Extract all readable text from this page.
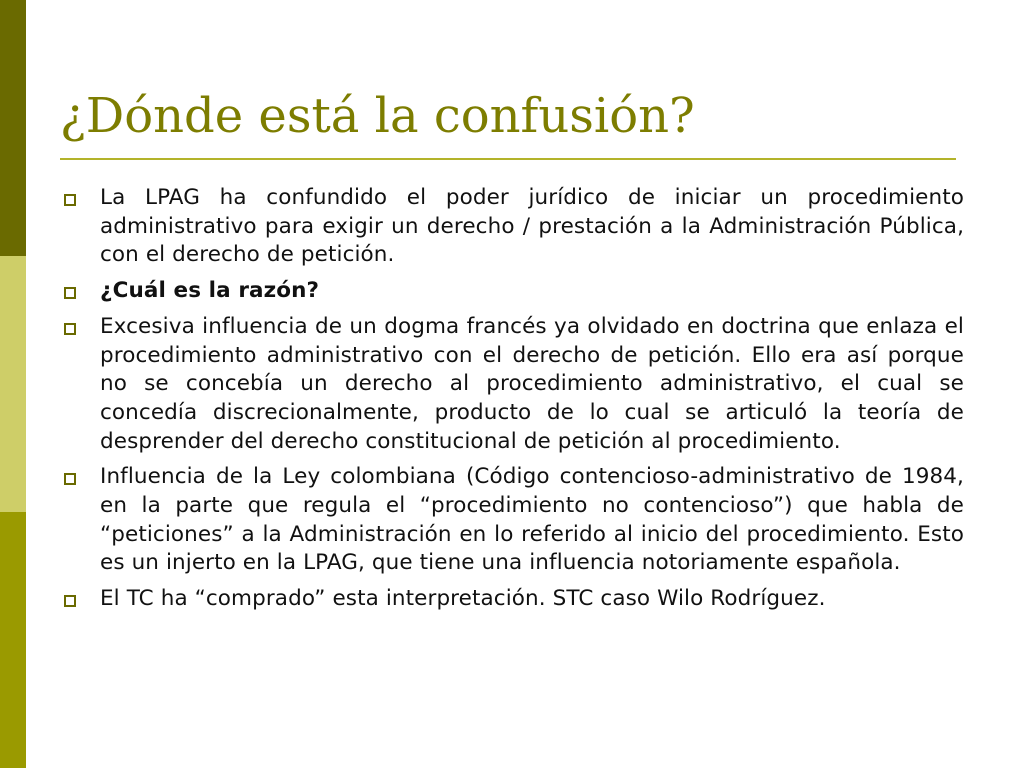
¿Dónde está la confusión?
La LPAG ha confundido el poder jurídico de iniciar un procedimiento administrativo para exigir un derecho / prestación a la Administración Pública, con el derecho de petición.
¿Cuál es la razón?
Excesiva influencia de un dogma francés ya olvidado en doctrina que enlaza el procedimiento administrativo con el derecho de petición. Ello era así porque no se concebía un derecho al procedimiento administrativo, el cual se concedía discrecionalmente, producto de lo cual se articuló la teoría de desprender del derecho constitucional de petición al procedimiento.
Influencia de la Ley colombiana (Código contencioso-administrativo de 1984, en la parte que regula el “procedimiento no contencioso”) que habla de “peticiones” a la Administración en lo referido al inicio del procedimiento. Esto es un injerto en la LPAG, que tiene una influencia notoriamente española.
El TC ha “comprado” esta interpretación. STC caso Wilo Rodríguez.
